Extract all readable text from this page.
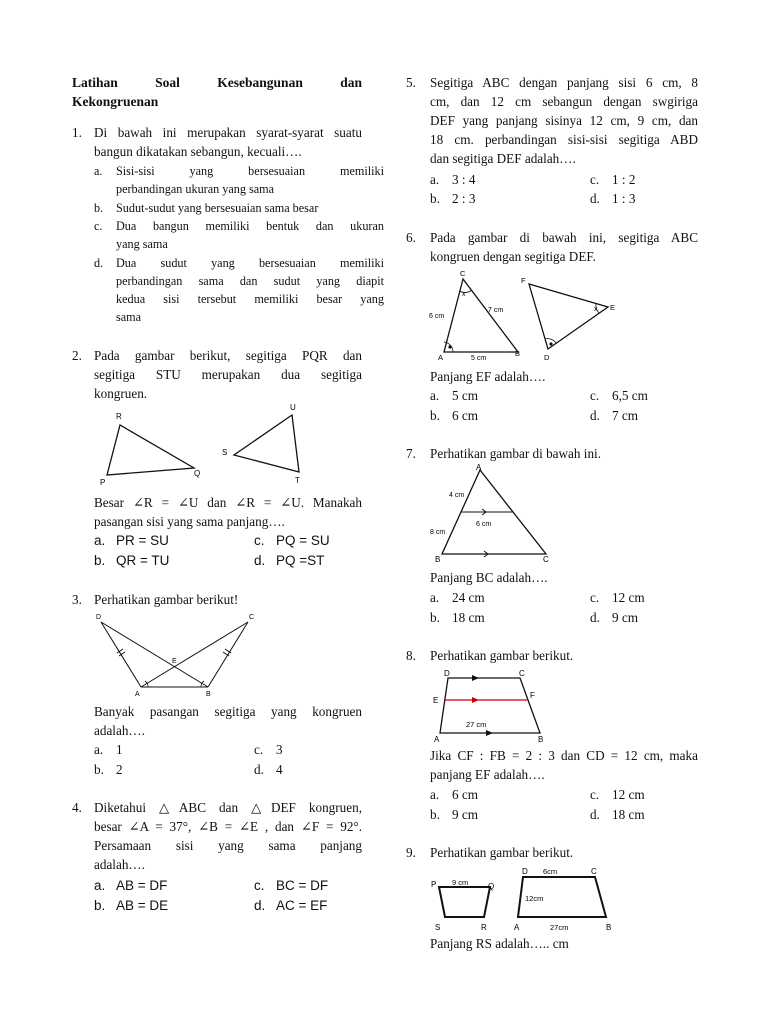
Latihan	Soal	Kesebangunan	dan
Kekongruenan
1. Di bawah ini merupakan syarat-syarat suatu
bangun dikatakan sebangun, kecuali….
a. Sisi-sisi yang bersesuaian memiliki
perbandingan ukuran yang sama
b. Sudut-sudut yang bersesuaian sama besar
c. Dua bangun memiliki bentuk dan ukuran
yang sama
d. Dua sudut yang bersesuaian memiliki
perbandingan sama dan sudut yang diapit
kedua sisi tersebut memiliki besar yang
sama
2. Pada gambar berikut, segitiga PQR dan
segitiga STU merupakan dua segitiga
kongruen.
R
P
Q
U
S
T
Besar ∠R = ∠U dan ∠R = ∠U. Manakah
pasangan sisi yang sama panjang….
a. PR = SU	c. PQ = SU
b. QR = TU	d. PQ =ST
3. Perhatikan gambar berikut!
D	C
E
A	B
Banyak pasangan segitiga yang kongruen
adalah….
a. 1	c. 3
b. 2	d. 4
4. Diketahui △ABC dan △DEF kongruen,
besar ∠A = 37°, ∠B = ∠E , dan ∠F = 92°.
Persamaan sisi yang sama panjang
adalah….
a. AB = DF	c. BC = DF
b. AB = DE	d. AC = EF
5.	Segitiga ABC dengan panjang sisi 6 cm, 8
cm, dan 12 cm sebangun dengan swgiriga
DEF yang panjang sisinya 12 cm, 9 cm, dan
18 cm. perbandingan sisi-sisi segitiga ABD
dan segitiga DEF adalah….
a. 3 : 4	c. 1 : 2
b. 2 : 3	d. 1 : 3
6.	Pada gambar di bawah ini, segitiga ABC
kongruen dengan segitiga DEF.
C
x
A	B
6 cm
7 cm
5 cm
F
E
D
x
Panjang EF adalah….
a. 5 cm	c. 6,5 cm
b. 6 cm	d. 7 cm
7.	Perhatikan gambar di bawah ini.
A
B	C
4 cm
8 cm
6 cm
Panjang BC adalah….
a. 24 cm	c. 12 cm
b. 18 cm	d. 9 cm
8.	Perhatikan gambar berikut.
D	C
E
F
A	B
27 cm
Jika CF : FB = 2 : 3 dan CD = 12 cm, maka
panjang EF adalah….
a. 6 cm	c. 12 cm
b. 9 cm	d. 18 cm
9.	Perhatikan gambar berikut.
P	Q
S	R
9 cm
D	C
A	B
6cm
12cm
27cm
Panjang RS adalah….. cm
